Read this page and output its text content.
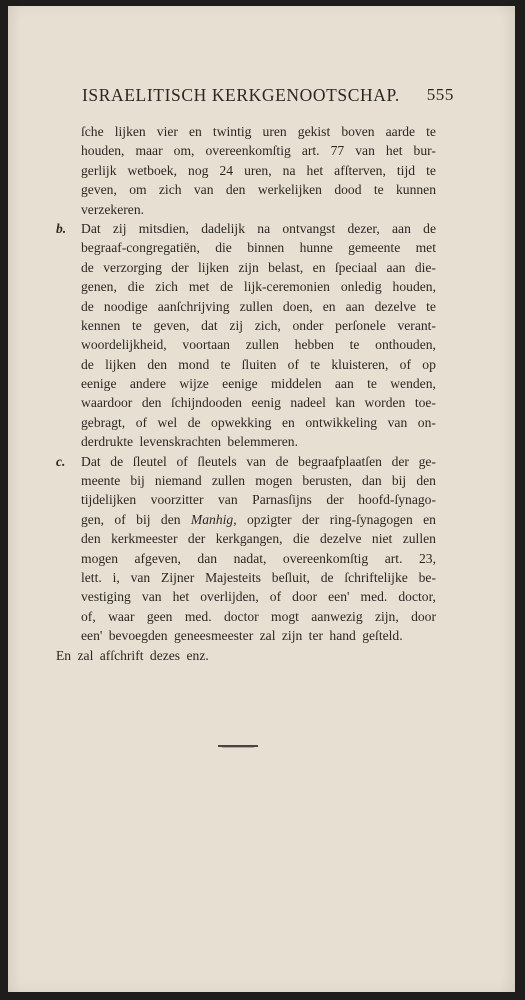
ISRAELITISCH KERKGENOOTSCHAP. 555
ſche lijken vier en twintig uren gekist boven aarde te
houden, maar om, overeenkomſtig art. 77 van het bur-
gerlijk wetboek, nog 24 uren, na het afſterven, tijd te
geven, om zich van den werkelijken dood te kunnen
verzekeren.
b. Dat zij mitsdien, dadelijk na ontvangst dezer, aan de
begraaf-congregatiën, die binnen hunne gemeente met
de verzorging der lijken zijn belast, en ſpeciaal aan die-
genen, die zich met de lijk-ceremonien onledig houden,
de noodige aanſchrijving zullen doen, en aan dezelve te
kennen te geven, dat zij zich, onder perſonele verant-
woordelijkheid, voortaan zullen hebben te onthouden,
de lijken den mond te ſluiten of te kluisteren, of op
eenige andere wijze eenige middelen aan te wenden,
waardoor den ſchijndooden eenig nadeel kan worden toe-
gebragt, of wel de opwekking en ontwikkeling van on-
derdrukte levenskrachten belemmeren.
c. Dat de ſleutel of ſleutels van de begraafplaatſen der ge-
meente bij niemand zullen mogen berusten, dan bij den
tijdelijken voorzitter van Parnasſijns der hoofd-ſynago-
gen, of bij den Manhig, opzigter der ring-ſynagogen en
den kerkmeester der kerkgangen, die dezelve niet zullen
mogen afgeven, dan nadat, overeenkomſtig art. 23,
lett. i, van Zijner Majesteits beſluit, de ſchriftelijke be-
vestiging van het overlijden, of door een' med. doctor,
of, waar geen med. doctor mogt aanwezig zijn, door
een' bevoegden geneesmeester zal zijn ter hand geſteld.
En zal afſchrift dezes enz.
